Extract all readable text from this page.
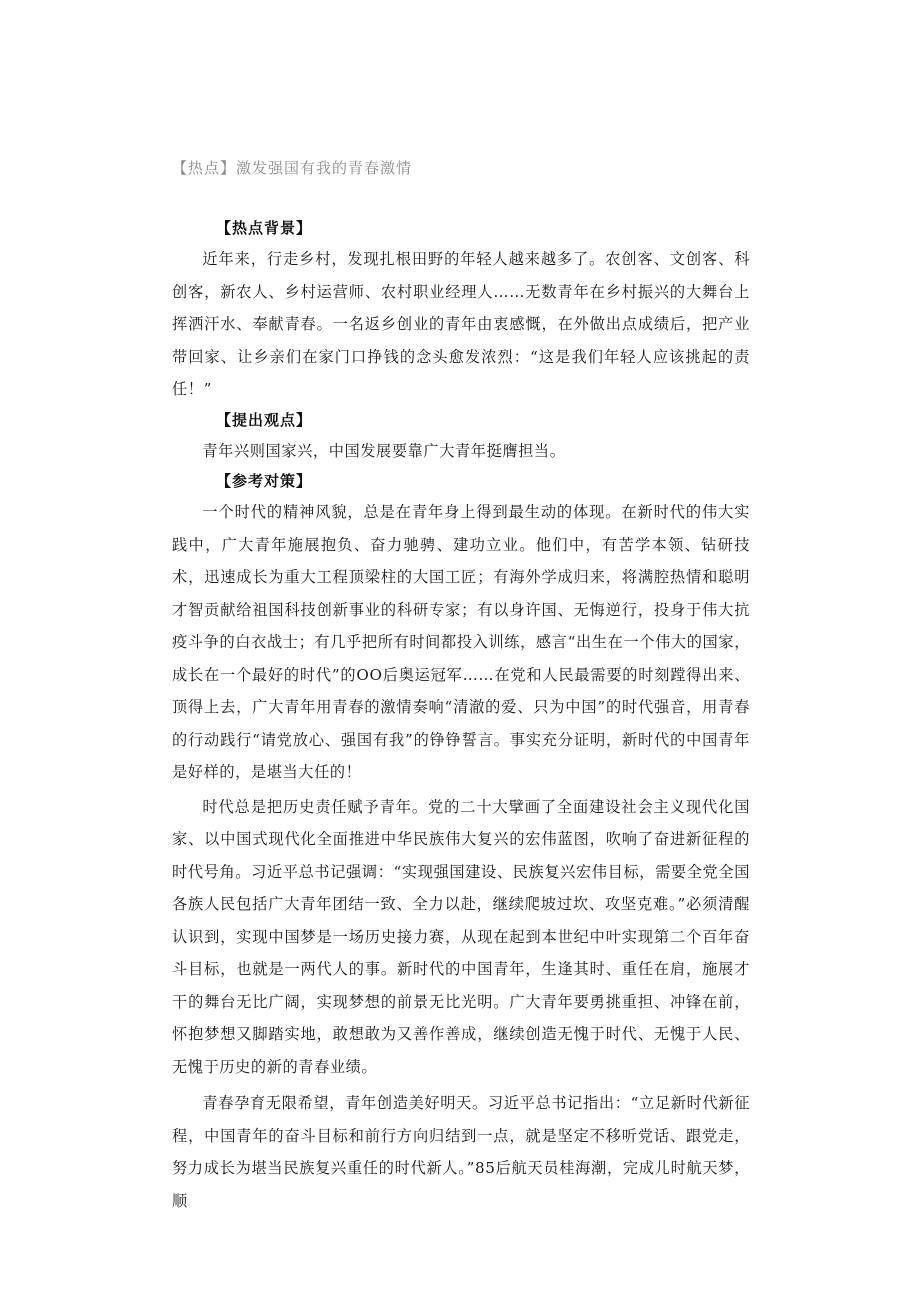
【热点】激发强国有我的青春激情

【热点背景】

近年来，行走乡村，发现扎根田野的年轻人越来越多了。农创客、文创客、科创客，新农人、乡村运营师、农村职业经理人……无数青年在乡村振兴的大舞台上挥洒汗水、奉献青春。一名返乡创业的青年由衷感慨，在外做出点成绩后，把产业带回家、让乡亲们在家门口挣钱的念头愈发浓烈：“这是我们年轻人应该挑起的责任！”

【提出观点】

青年兴则国家兴，中国发展要靠广大青年挺膺担当。

【参考对策】

一个时代的精神风貌，总是在青年身上得到最生动的体现。在新时代的伟大实践中，广大青年施展抱负、奋力驰骋、建功立业。他们中，有苦学本领、钻研技术，迅速成长为重大工程顶梁柱的大国工匠；有海外学成归来，将满腔热情和聪明才智贡献给祖国科技创新事业的科研专家；有以身许国、无悔逆行，投身于伟大抗疫斗争的白衣战士；有几乎把所有时间都投入训练，感言“出生在一个伟大的国家，成长在一个最好的时代”的OO后奥运冠军……在党和人民最需要的时刻蹚得出来、顶得上去，广大青年用青春的激情奏响“清澈的爱、只为中国”的时代强音，用青春的行动践行“请党放心、强国有我”的铮铮誓言。事实充分证明，新时代的中国青年是好样的，是堪当大任的！

时代总是把历史责任赋予青年。党的二十大擘画了全面建设社会主义现代化国家、以中国式现代化全面推进中华民族伟大复兴的宏伟蓝图，吹响了奋进新征程的时代号角。习近平总书记强调：“实现强国建设、民族复兴宏伟目标，需要全党全国各族人民包括广大青年团结一致、全力以赴，继续爬坡过坎、攻坚克难。”必须清醒认识到，实现中国梦是一场历史接力赛，从现在起到本世纪中叶实现第二个百年奋斗目标，也就是一两代人的事。新时代的中国青年，生逢其时、重任在肩，施展才干的舞台无比广阔，实现梦想的前景无比光明。广大青年要勇挑重担、冲锋在前，怀抱梦想又脚踏实地，敢想敢为又善作善成，继续创造无愧于时代、无愧于人民、无愧于历史的新的青春业绩。

青春孕育无限希望，青年创造美好明天。习近平总书记指出：“立足新时代新征程，中国青年的奋斗目标和前行方向归结到一点，就是坚定不移听党话、跟党走，努力成长为堪当民族复兴重任的时代新人。”85后航天员桂海潮，完成儿时航天梦，顺
